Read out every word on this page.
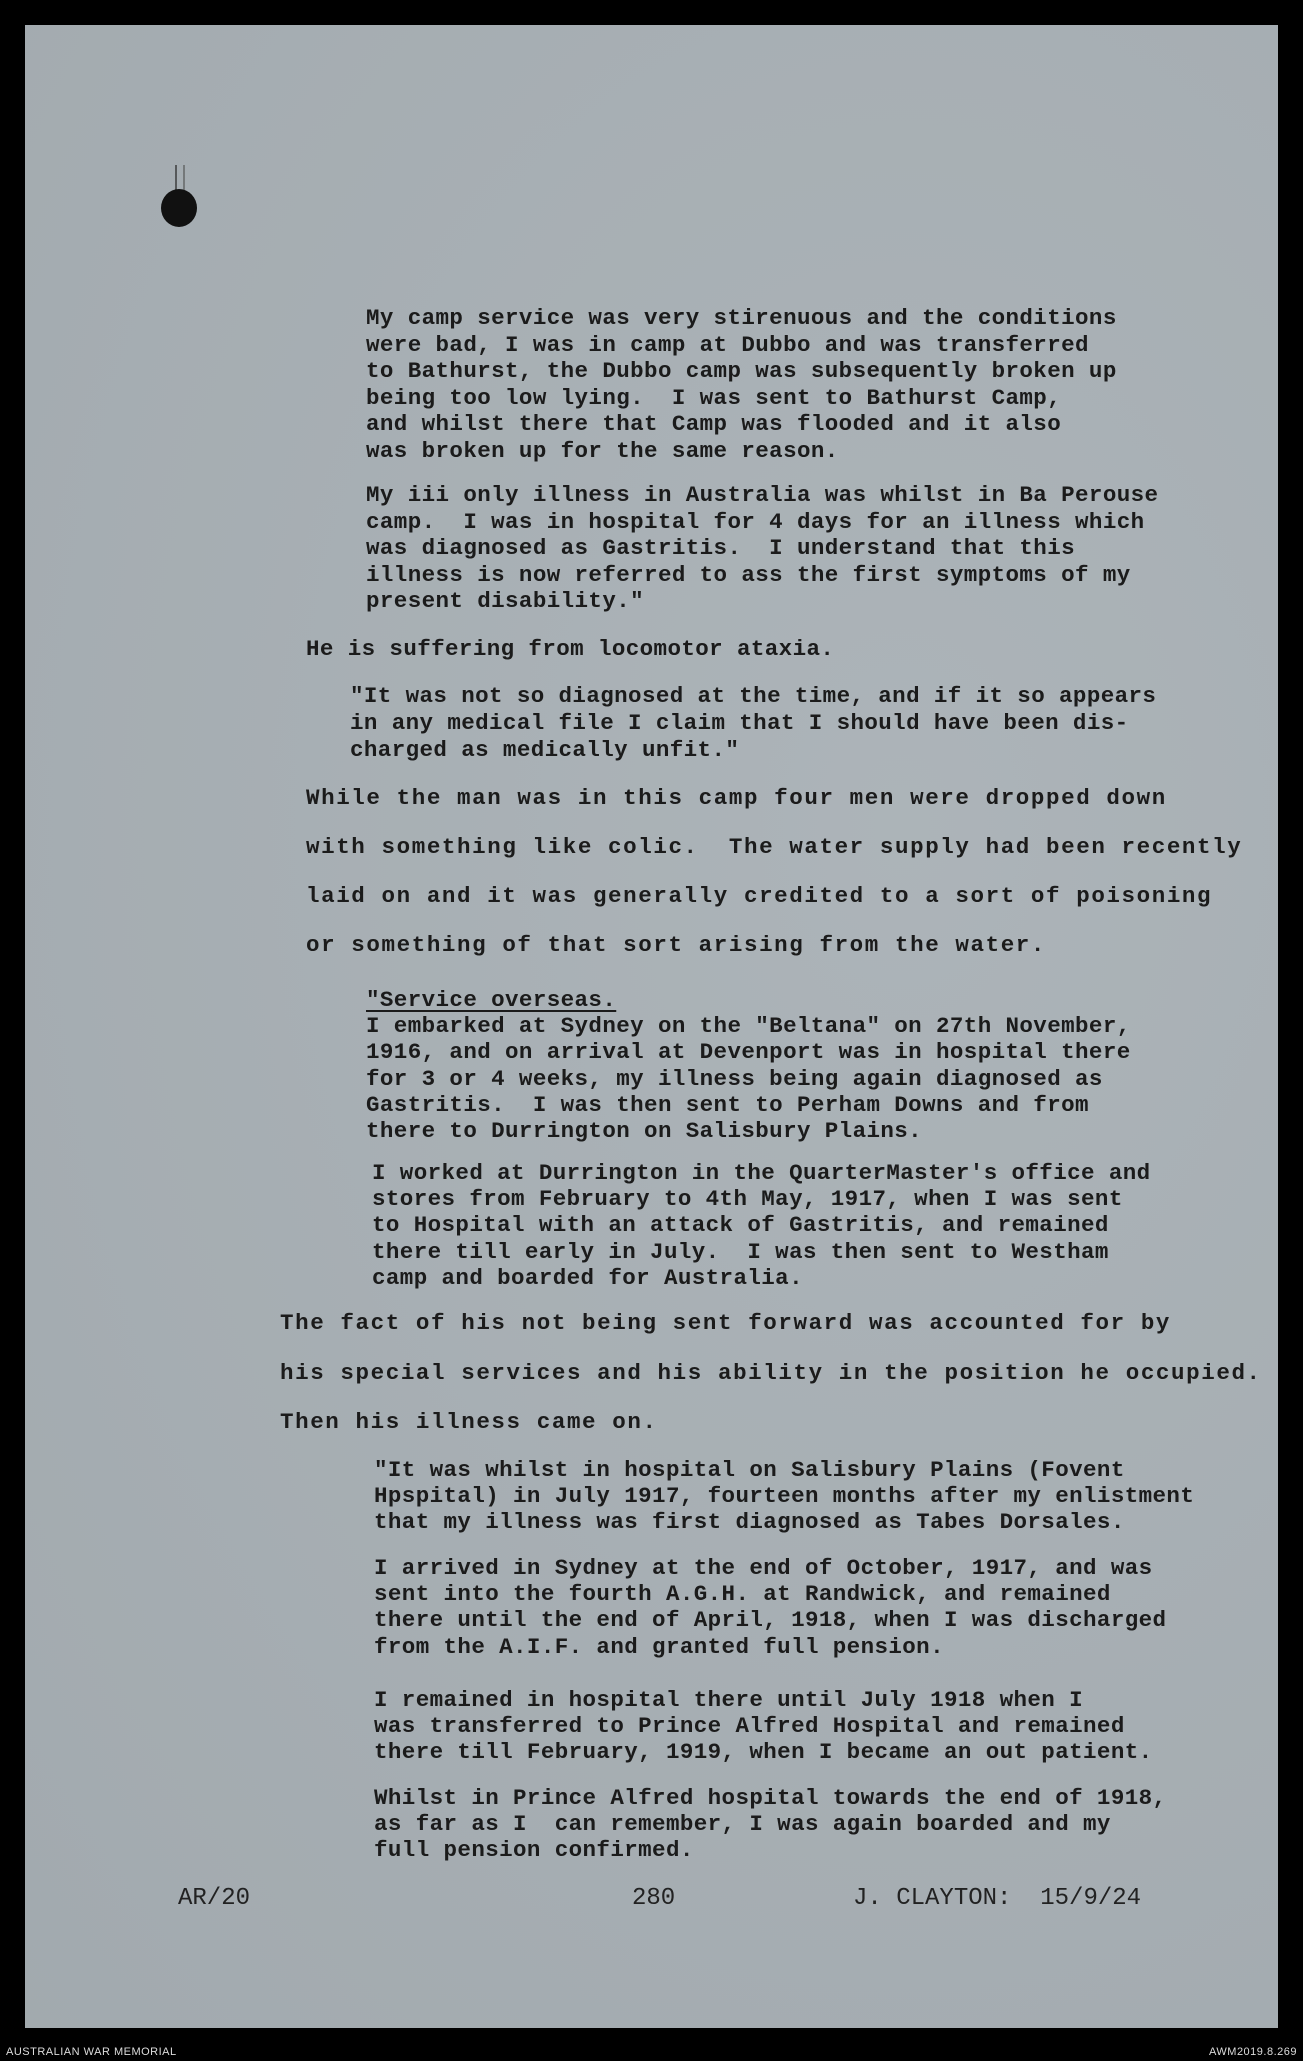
My camp service was very stirenuous and the conditions
were bad, I was in camp at Dubbo and was transferred
to Bathurst, the Dubbo camp was subsequently broken up
being too low lying.  I was sent to Bathurst Camp,
and whilst there that Camp was flooded and it also
was broken up for the same reason.
My iii only illness in Australia was whilst in Ba Perouse
camp.  I was in hospital for 4 days for an illness which
was diagnosed as Gastritis.  I understand that this
illness is now referred to ass the first symptoms of my
present disability."
He is suffering from locomotor ataxia.
"It was not so diagnosed at the time, and if it so appears
in any medical file I claim that I should have been dis-
charged as medically unfit."
While the man was in this camp four men were dropped down
with something like colic.  The water supply had been recently
laid on and it was generally credited to a sort of poisoning
or something of that sort arising from the water.
"Service overseas.
I embarked at Sydney on the "Beltana" on 27th November,
1916, and on arrival at Devenport was in hospital there
for 3 or 4 weeks, my illness being again diagnosed as
Gastritis.  I was then sent to Perham Downs and from
there to Durrington on Salisbury Plains.
I worked at Durrington in the QuarterMaster's office and
stores from February to 4th May, 1917, when I was sent
to Hospital with an attack of Gastritis, and remained
there till early in July.  I was then sent to Westham
camp and boarded for Australia.
The fact of his not being sent forward was accounted for by
his special services and his ability in the position he occupied.
Then his illness came on.
"It was whilst in hospital on Salisbury Plains (Fovent
Hpspital) in July 1917, fourteen months after my enlistment
that my illness was first diagnosed as Tabes Dorsales.
I arrived in Sydney at the end of October, 1917, and was
sent into the fourth A.G.H. at Randwick, and remained
there until the end of April, 1918, when I was discharged
from the A.I.F. and granted full pension.
I remained in hospital there until July 1918 when I
was transferred to Prince Alfred Hospital and remained
there till February, 1919, when I became an out patient.
Whilst in Prince Alfred hospital towards the end of 1918,
as far as I  can remember, I was again boarded and my
full pension confirmed.
AR/20	280	J. CLAYTON:  15/9/24
AUSTRALIAN WAR MEMORIAL	AWM2019.8.269
